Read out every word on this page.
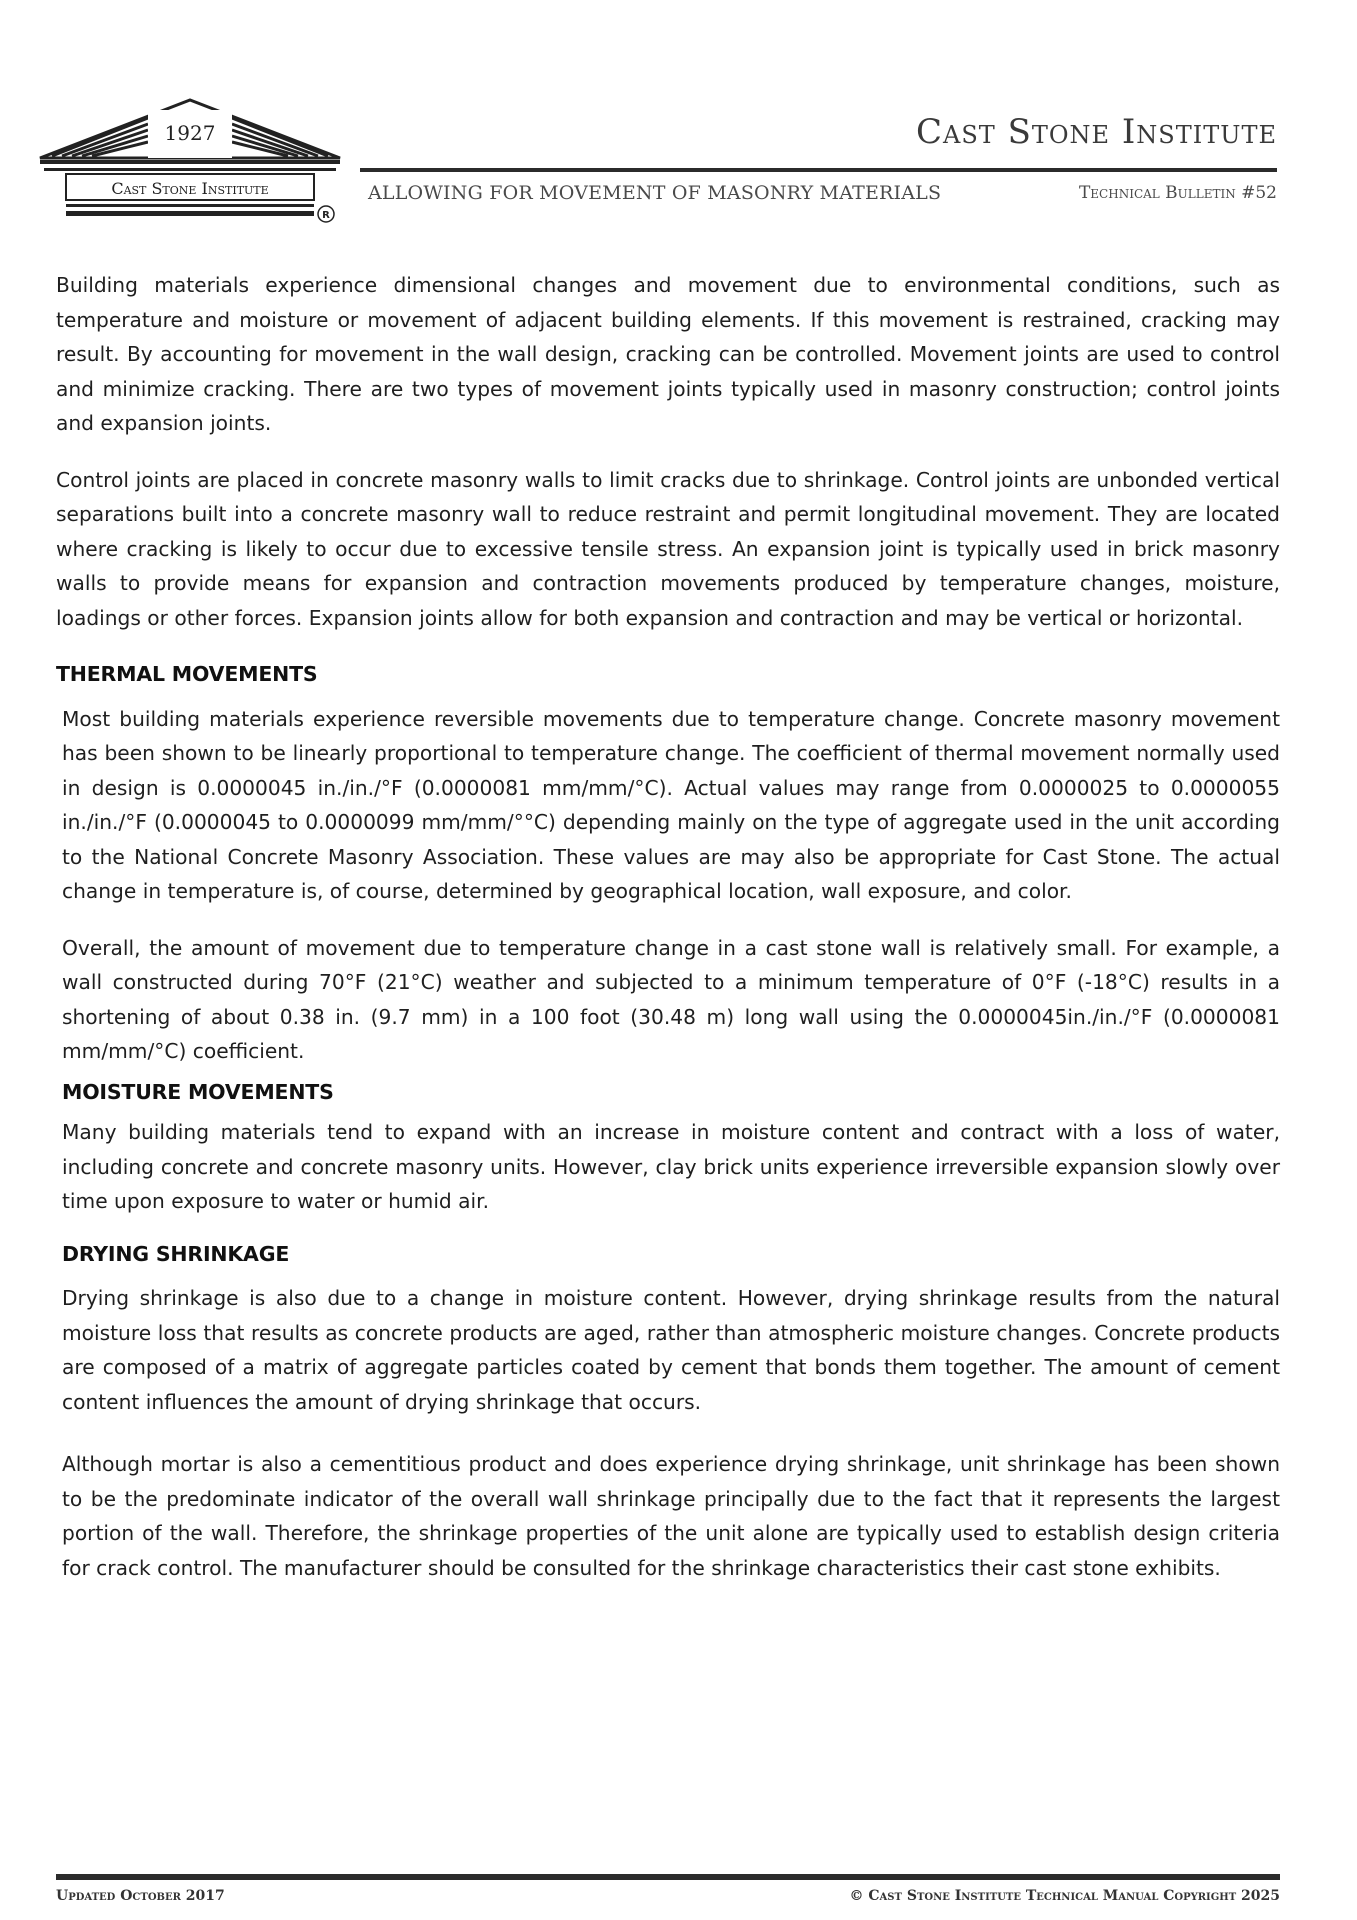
1927
Cast Stone Institute
R
Cast Stone Institute
ALLOWING FOR MOVEMENT OF MASONRY MATERIALS	Technical Bulletin #52

Building materials experience dimensional changes and movement due to environmental conditions, such as temperature and moisture or movement of adjacent building elements. If this movement is restrained, cracking may result. By accounting for movement in the wall design, cracking can be controlled. Movement joints are used to control and minimize cracking. There are two types of movement joints typically used in masonry construction; control joints and expansion joints.

Control joints are placed in concrete masonry walls to limit cracks due to shrinkage. Control joints are unbonded vertical separations built into a concrete masonry wall to reduce restraint and permit longitudinal movement. They are located where cracking is likely to occur due to excessive tensile stress. An expansion joint is typically used in brick masonry walls to provide means for expansion and contraction movements produced by temperature changes, moisture, loadings or other forces. Expansion joints allow for both expansion and contraction and may be vertical or horizontal.

THERMAL MOVEMENTS

Most building materials experience reversible movements due to temperature change. Concrete masonry movement has been shown to be linearly proportional to temperature change. The coefficient of thermal movement normally used in design is 0.0000045 in./in./°F (0.0000081 mm/mm/°C). Actual values may range from 0.0000025 to 0.0000055 in./in./°F (0.0000045 to 0.0000099 mm/mm/°°C) depending mainly on the type of aggregate used in the unit according to the National Concrete Masonry Association. These values are may also be appropriate for Cast Stone. The actual change in temperature is, of course, determined by geographical location, wall exposure, and color.

Overall, the amount of movement due to temperature change in a cast stone wall is relatively small. For example, a wall constructed during 70°F (21°C) weather and subjected to a minimum temperature of 0°F (-18°C) results in a shortening of about 0.38 in. (9.7 mm) in a 100 foot (30.48 m) long wall using the 0.0000045in./in./°F (0.0000081 mm/mm/°C) coefficient.

MOISTURE MOVEMENTS

Many building materials tend to expand with an increase in moisture content and contract with a loss of water, including concrete and concrete masonry units. However, clay brick units experience irreversible expansion slowly over time upon exposure to water or humid air.

DRYING SHRINKAGE

Drying shrinkage is also due to a change in moisture content. However, drying shrinkage results from the natural moisture loss that results as concrete products are aged, rather than atmospheric moisture changes. Concrete products are composed of a matrix of aggregate particles coated by cement that bonds them together. The amount of cement content influences the amount of drying shrinkage that occurs.

Although mortar is also a cementitious product and does experience drying shrinkage, unit shrinkage has been shown to be the predominate indicator of the overall wall shrinkage principally due to the fact that it represents the largest portion of the wall. Therefore, the shrinkage properties of the unit alone are typically used to establish design criteria for crack control. The manufacturer should be consulted for the shrinkage characteristics their cast stone exhibits.

Updated October 2017	© Cast Stone Institute Technical Manual Copyright 2025
